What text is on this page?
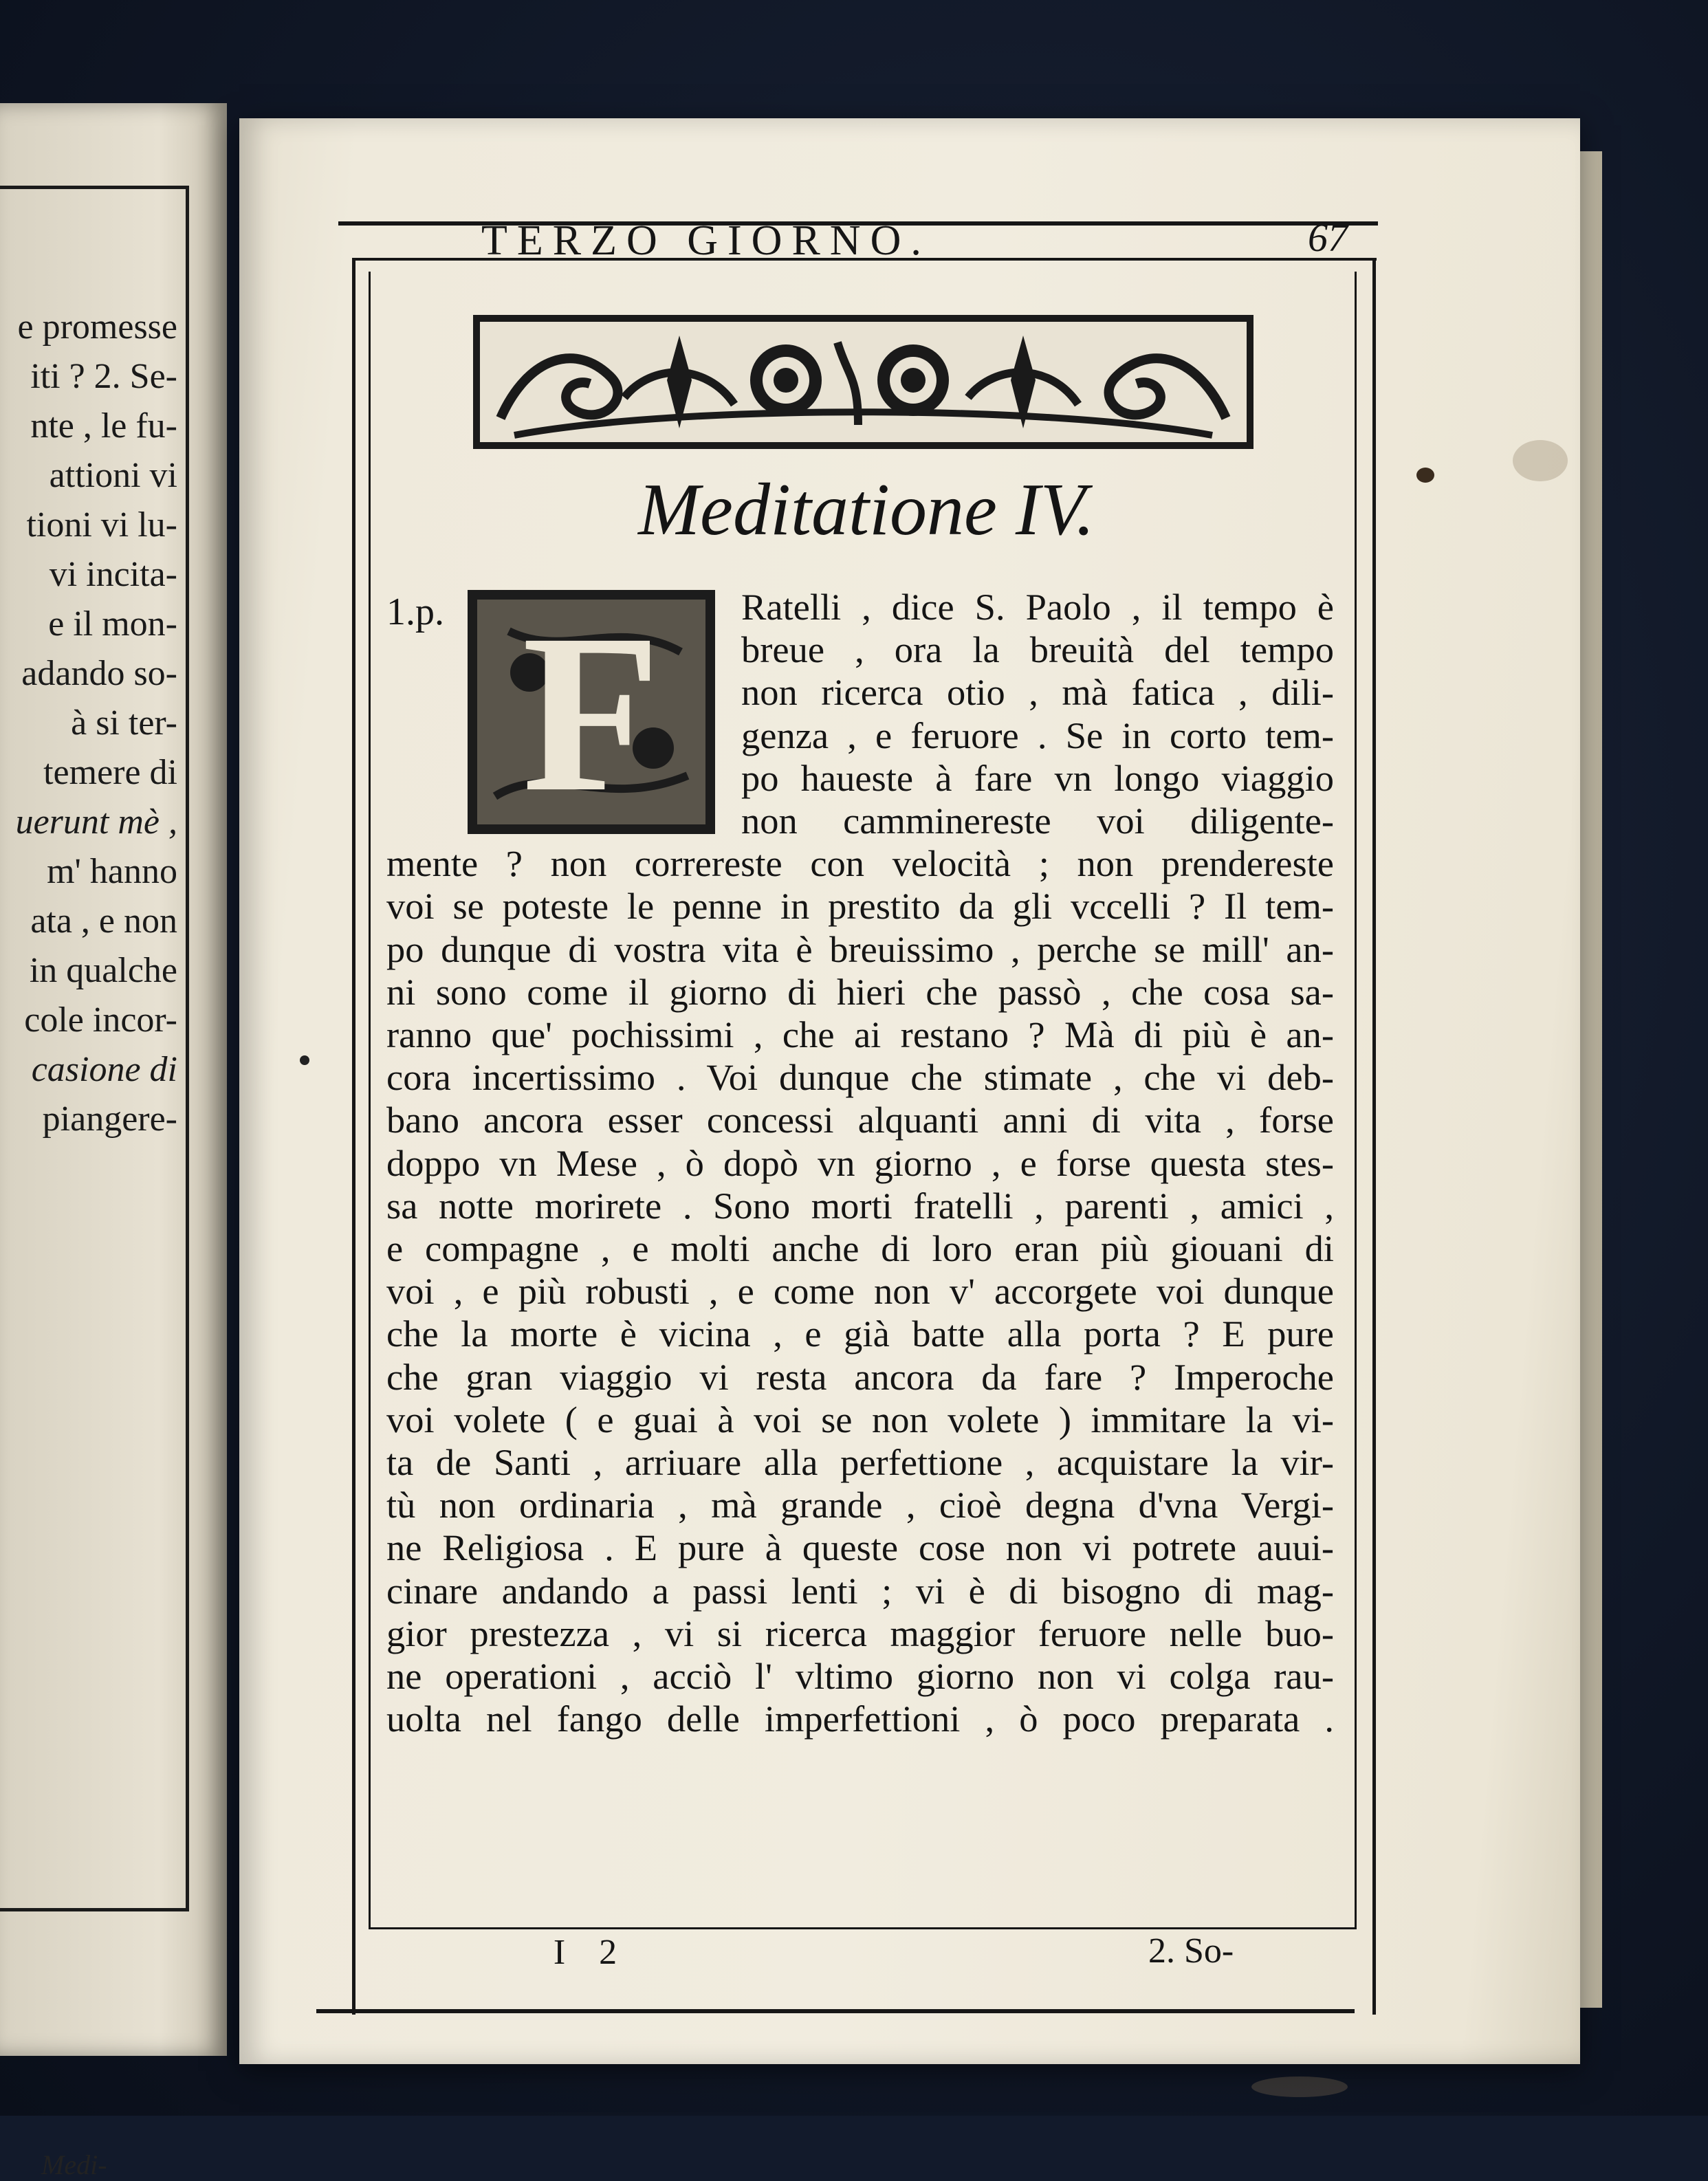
e promesse
iti ? 2. Se-
nte , le fu-
attioni vi
tioni vi lu-
vi incita-
e il mon-
adando so-
à si ter-
temere di
uerunt mè ,
m' hanno
ata , e non
in qualche
cole incor-
casione di
piangere-
Medi-
TERZO GIORNO.	67
Meditatione IV.
1.p. F	Ratelli , dice S. Paolo , il tempo è
breue , ora la breuità del tempo
non ricerca otio , mà fatica , dili-
genza , e feruore . Se in corto tem-
po haueste à fare vn longo viaggio
non camminereste voi diligente-
mente ? non correreste con velocità ; non prendereste
voi se poteste le penne in prestito da gli vccelli ? Il tem-
po dunque di vostra vita è breuissimo , perche se mill' an-
ni sono come il giorno di hieri che passò , che cosa sa-
ranno que' pochissimi , che ai restano ? Mà di più è an-
cora incertissimo . Voi dunque che stimate , che vi deb-
bano ancora esser concessi alquanti anni di vita , forse
doppo vn Mese , ò dopò vn giorno , e forse questa stes-
sa notte morirete . Sono morti fratelli , parenti , amici ,
e compagne , e molti anche di loro eran più giouani di
voi , e più robusti , e come non v' accorgete voi dunque
che la morte è vicina , e già batte alla porta ? E pure
che gran viaggio vi resta ancora da fare ? Imperoche
voi volete ( e guai à voi se non volete ) immitare la vi-
ta de Santi , arriuare alla perfettione , acquistare la vir-
tù non ordinaria , mà grande , cioè degna d'vna Vergi-
ne Religiosa . E pure à queste cose non vi potrete auui-
cinare andando a passi lenti ; vi è di bisogno di mag-
gior prestezza , vi si ricerca maggior feruore nelle buo-
ne operationi , acciò l' vltimo giorno non vi colga rau-
uolta nel fango delle imperfettioni , ò poco preparata .
I 2	2. So-
